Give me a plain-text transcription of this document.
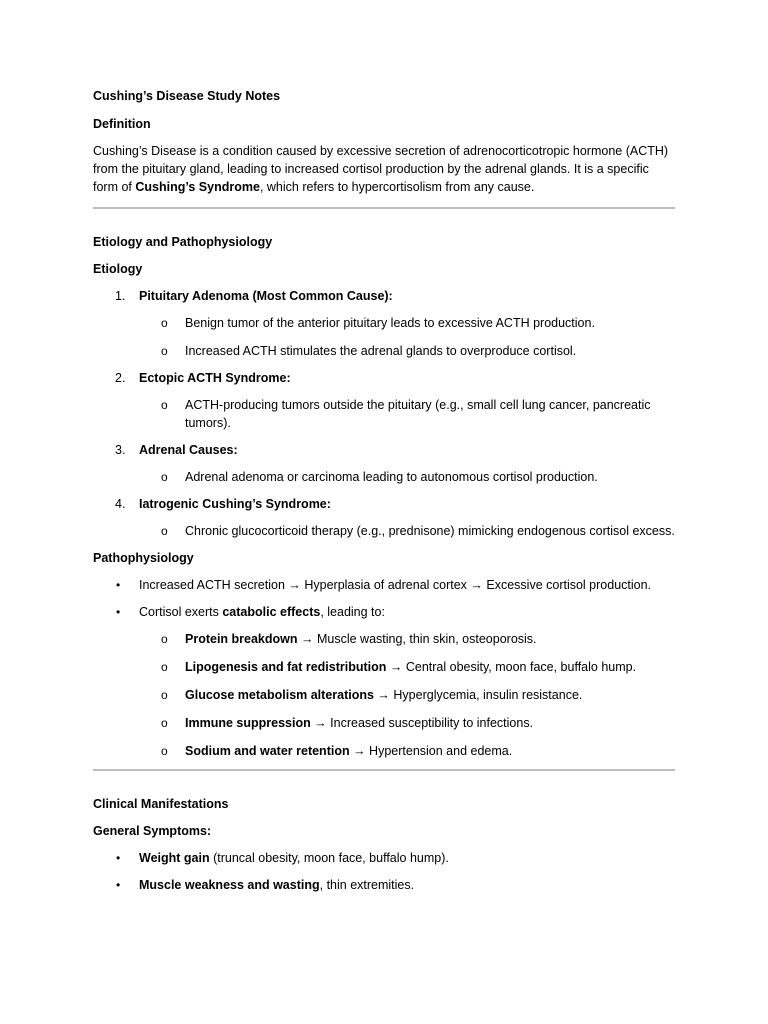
Cushing’s Disease Study Notes

Definition

Cushing’s Disease is a condition caused by excessive secretion of adrenocorticotropic hormone (ACTH) from the pituitary gland, leading to increased cortisol production by the adrenal glands. It is a specific form of Cushing’s Syndrome, which refers to hypercortisolism from any cause.

Etiology and Pathophysiology

Etiology

1.	Pituitary Adenoma (Most Common Cause):
o Benign tumor of the anterior pituitary leads to excessive ACTH production.
o Increased ACTH stimulates the adrenal glands to overproduce cortisol.
2.	Ectopic ACTH Syndrome:
o ACTH-producing tumors outside the pituitary (e.g., small cell lung cancer, pancreatic tumors).
3.	Adrenal Causes:
o Adrenal adenoma or carcinoma leading to autonomous cortisol production.
4.	Iatrogenic Cushing’s Syndrome:
o Chronic glucocorticoid therapy (e.g., prednisone) mimicking endogenous cortisol excess.

Pathophysiology

•	Increased ACTH secretion → Hyperplasia of adrenal cortex → Excessive cortisol production.
•	Cortisol exerts catabolic effects, leading to:
o Protein breakdown → Muscle wasting, thin skin, osteoporosis.
o Lipogenesis and fat redistribution → Central obesity, moon face, buffalo hump.
o Glucose metabolism alterations → Hyperglycemia, insulin resistance.
o Immune suppression → Increased susceptibility to infections.
o Sodium and water retention → Hypertension and edema.

Clinical Manifestations

General Symptoms:

•	Weight gain (truncal obesity, moon face, buffalo hump).
•	Muscle weakness and wasting, thin extremities.
